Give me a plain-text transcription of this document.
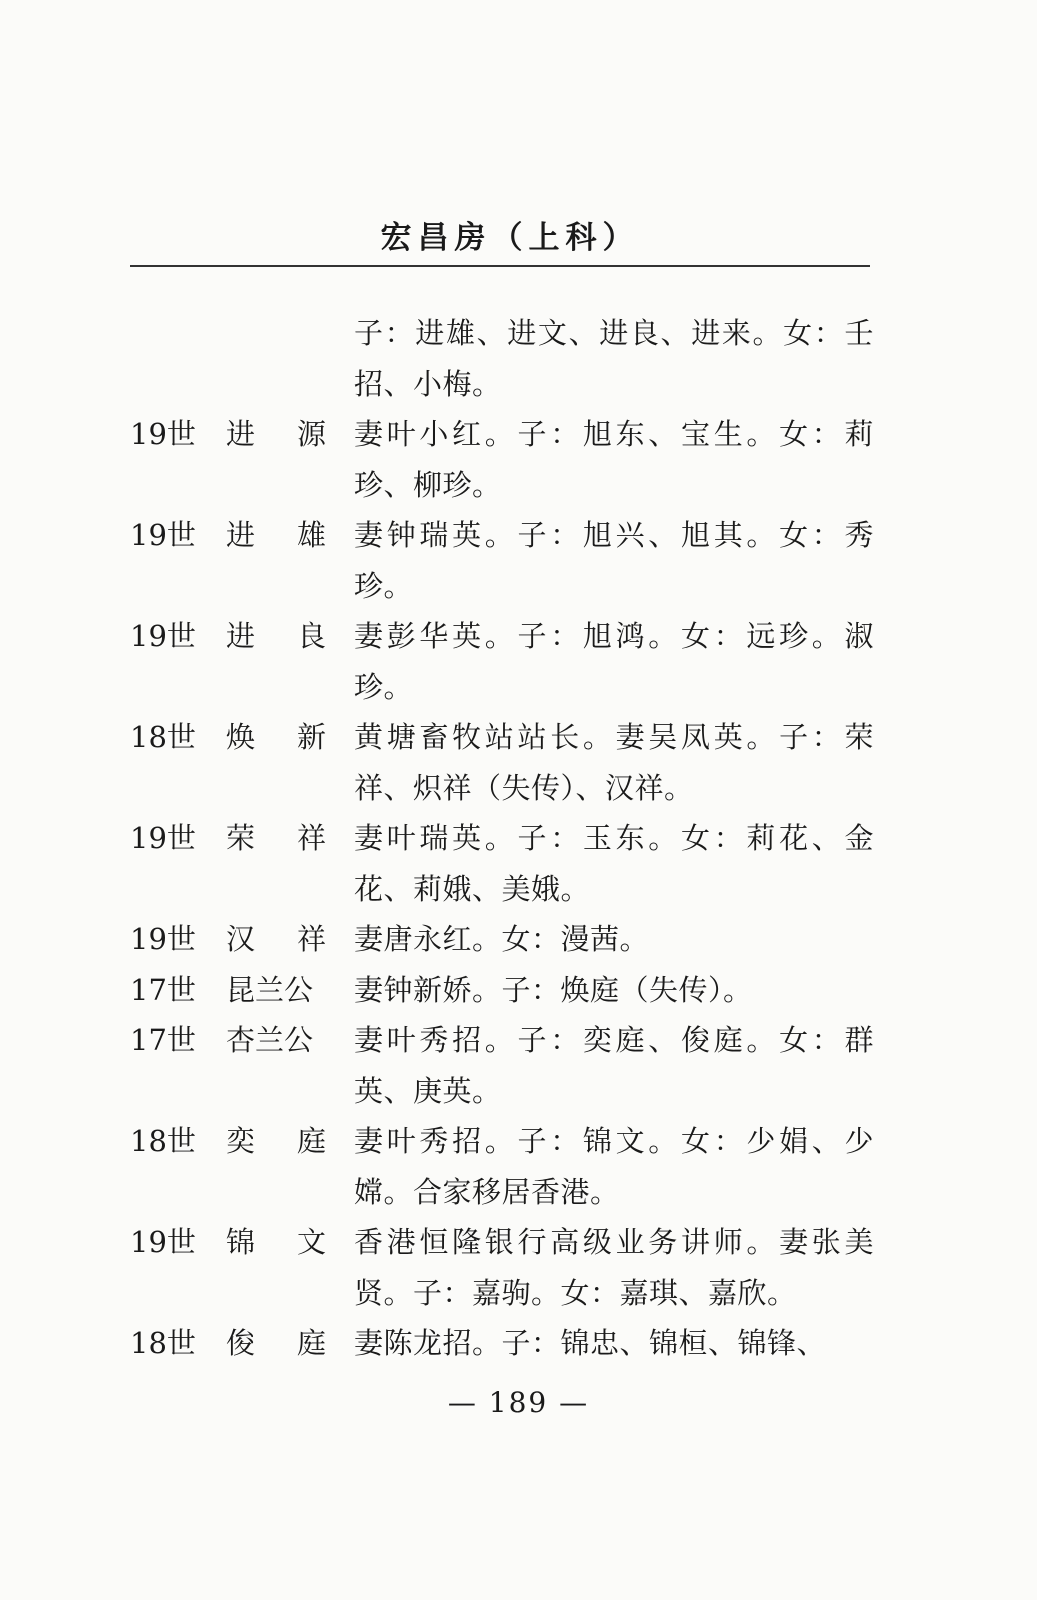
宏昌房（上科）
子：进雄、进文、进良、进来。女：壬招、小梅。
19世 进 源 妻叶小红。子：旭东、宝生。女：莉珍、柳珍。
19世 进 雄 妻钟瑞英。子：旭兴、旭其。女：秀珍。
19世 进 良 妻彭华英。子：旭鸿。女：远珍。淑珍。
18世 焕 新 黄塘畜牧站站长。妻吴凤英。子：荣祥、炽祥（失传）、汉祥。
19世 荣 祥 妻叶瑞英。子：玉东。女：莉花、金花、莉娥、美娥。
19世 汉 祥 妻唐永红。女：漫茜。
17世 昆兰公 妻钟新娇。子：焕庭（失传）。
17世 杏兰公 妻叶秀招。子：奕庭、俊庭。女：群英、庚英。
18世 奕 庭 妻叶秀招。子：锦文。女：少娟、少嫦。合家移居香港。
19世 锦 文 香港恒隆银行高级业务讲师。妻张美贤。子：嘉驹。女：嘉琪、嘉欣。
18世 俊 庭 妻陈龙招。子：锦忠、锦桓、锦锋、
— 189 —
